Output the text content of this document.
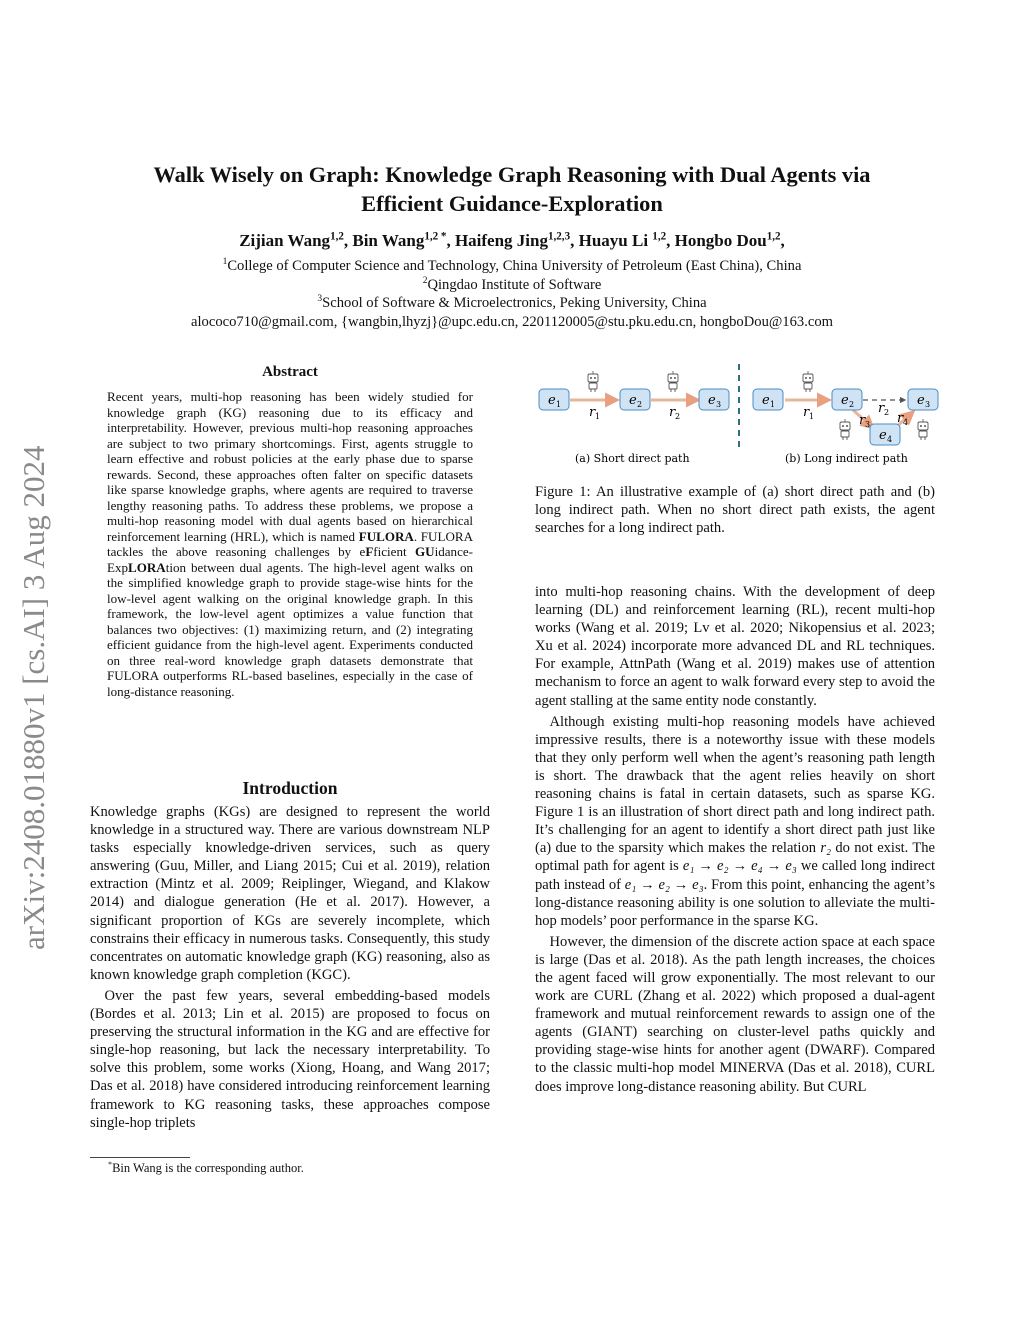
arXiv:2408.01880v1 [cs.AI] 3 Aug 2024
Walk Wisely on Graph: Knowledge Graph Reasoning with Dual Agents via
Efficient Guidance-Exploration
Zijian Wang$^{1,2}$, Bin Wang$^{1,2 *}$, Haifeng Jing$^{1,2,3}$, Huayu Li $^{1,2}$, Hongbo Dou$^{1,2}$,
$^1$College of Computer Science and Technology, China University of Petroleum (East China), China
$^2$Qingdao Institute of Software
$^3$School of Software & Microelectronics, Peking University, China
alococo710@gmail.com, {wangbin,lhyzj}@upc.edu.cn, 2201120005@stu.pku.edu.cn, hongboDou@163.com
Abstract
Recent years, multi-hop reasoning has been widely studied for knowledge graph (KG) reasoning due to its efficacy and interpretability. However, previous multi-hop reasoning approaches are subject to two primary shortcomings. First, agents struggle to learn effective and robust policies at the early phase due to sparse rewards. Second, these approaches often falter on specific datasets like sparse knowledge graphs, where agents are required to traverse lengthy reasoning paths. To address these problems, we propose a multi-hop reasoning model with dual agents based on hierarchical reinforcement learning (HRL), which is named FULORA. FULORA tackles the above reasoning challenges by eFficient GUidance-ExpLORAtion between dual agents. The high-level agent walks on the simplified knowledge graph to provide stage-wise hints for the low-level agent walking on the original knowledge graph. In this framework, the low-level agent optimizes a value function that balances two objectives: (1) maximizing return, and (2) integrating efficient guidance from the high-level agent. Experiments conducted on three real-word knowledge graph datasets demonstrate that FULORA outperforms RL-based baselines, especially in the case of long-distance reasoning.
Introduction

Knowledge graphs (KGs) are designed to represent the world knowledge in a structured way. There are various downstream NLP tasks especially knowledge-driven services, such as query answering (Guu, Miller, and Liang 2015; Cui et al. 2019), relation extraction (Mintz et al. 2009; Reiplinger, Wiegand, and Klakow 2014) and dialogue generation (He et al. 2017). However, a significant proportion of KGs are severely incomplete, which constrains their efficacy in numerous tasks. Consequently, this study concentrates on automatic knowledge graph (KG) reasoning, also as known knowledge graph completion (KGC).

Over the past few years, several embedding-based models (Bordes et al. 2013; Lin et al. 2015) are proposed to focus on preserving the structural information in the KG and are effective for single-hop reasoning, but lack the necessary interpretability. To solve this problem, some works (Xiong, Hoang, and Wang 2017; Das et al. 2018) have considered introducing reinforcement learning framework to KG reasoning tasks, these approaches compose single-hop triplets

*Bin Wang is the corresponding author.
e 1	e 2	e 3
r 1	r 2
(a) Short direct path
e 1	e 2	e 3
e 4
r 1
r 2
r 3 r 4
(b) Long indirect path
Figure 1: An illustrative example of (a) short direct path and (b) long indirect path. When no short direct path exists, the agent searches for a long indirect path.

into multi-hop reasoning chains. With the development of deep learning (DL) and reinforcement learning (RL), recent multi-hop works (Wang et al. 2019; Lv et al. 2020; Nikopensius et al. 2023; Xu et al. 2024) incorporate more advanced DL and RL techniques. For example, AttnPath (Wang et al. 2019) makes use of attention mechanism to force an agent to walk forward every step to avoid the agent stalling at the same entity node constantly.

Although existing multi-hop reasoning models have achieved impressive results, there is a noteworthy issue with these models that they only perform well when the agent’s reasoning path length is short. The drawback that the agent relies heavily on short reasoning chains is fatal in certain datasets, such as sparse KG. Figure 1 is an illustration of short direct path and long indirect path. It’s challenging for an agent to identify a short direct path just like (a) due to the sparsity which makes the relation r₂ do not exist. The optimal path for agent is e₁ → e₂ → e₄ → e₃ we called long indirect path instead of e₁ → e₂ → e₃. From this point, enhancing the agent’s long-distance reasoning ability is one solution to alleviate the multi-hop models’ poor performance in the sparse KG.

However, the dimension of the discrete action space at each space is large (Das et al. 2018). As the path length increases, the choices the agent faced will grow exponentially. The most relevant to our work are CURL (Zhang et al. 2022) which proposed a dual-agent framework and mutual reinforcement rewards to assign one of the agents (GIANT) searching on cluster-level paths quickly and providing stage-wise hints for another agent (DWARF). Compared to the classic multi-hop model MINERVA (Das et al. 2018), CURL does improve long-distance reasoning ability. But CURL
